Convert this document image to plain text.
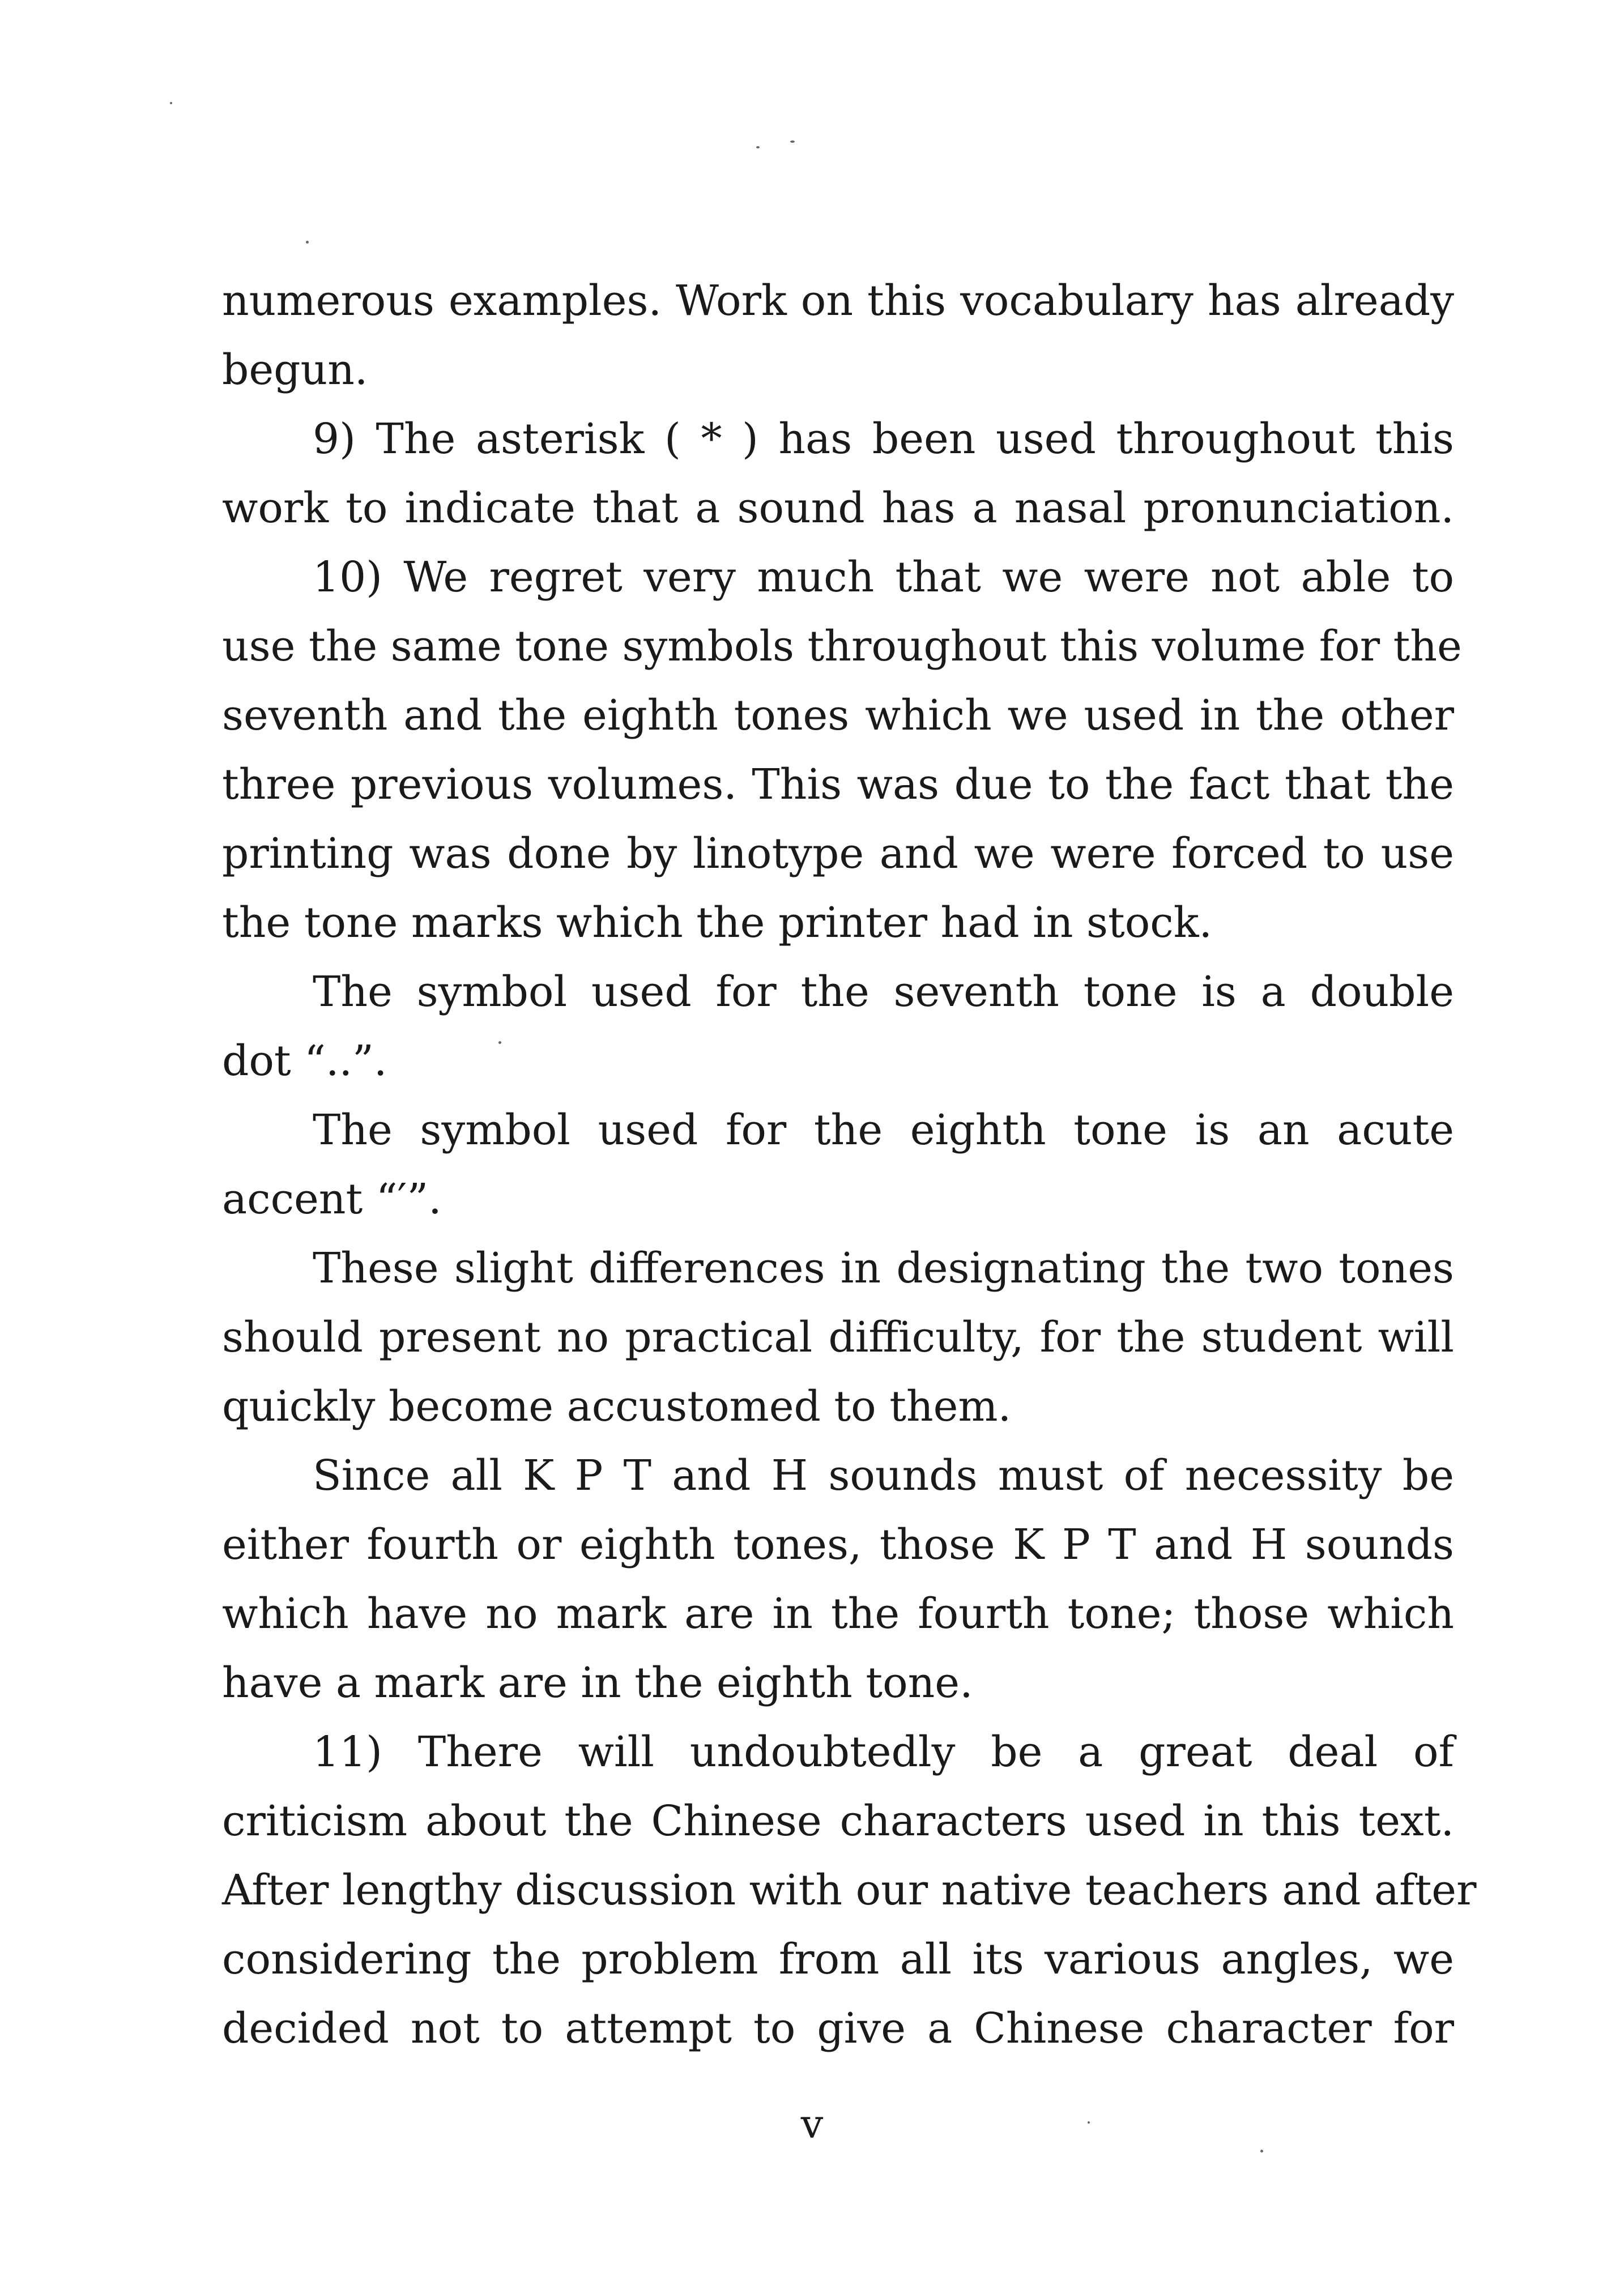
numerous examples. Work on this vocabulary has already
begun.
9) The asterisk ( * ) has been used throughout this
work to indicate that a sound has a nasal pronunciation.
10) We regret very much that we were not able to
use the same tone symbols throughout this volume for the
seventh and the eighth tones which we used in the other
three previous volumes. This was due to the fact that the
printing was done by linotype and we were forced to use
the tone marks which the printer had in stock.
The symbol used for the seventh tone is a double
dot “..”.
The symbol used for the eighth tone is an acute
accent “′”.
These slight differences in designating the two tones
should present no practical difficulty, for the student will
quickly become accustomed to them.
Since all K P T and H sounds must of necessity be
either fourth or eighth tones, those K P T and H sounds
which have no mark are in the fourth tone; those which
have a mark are in the eighth tone.
11) There will undoubtedly be a great deal of
criticism about the Chinese characters used in this text.
After lengthy discussion with our native teachers and after
considering the problem from all its various angles, we
decided not to attempt to give a Chinese character for
v
